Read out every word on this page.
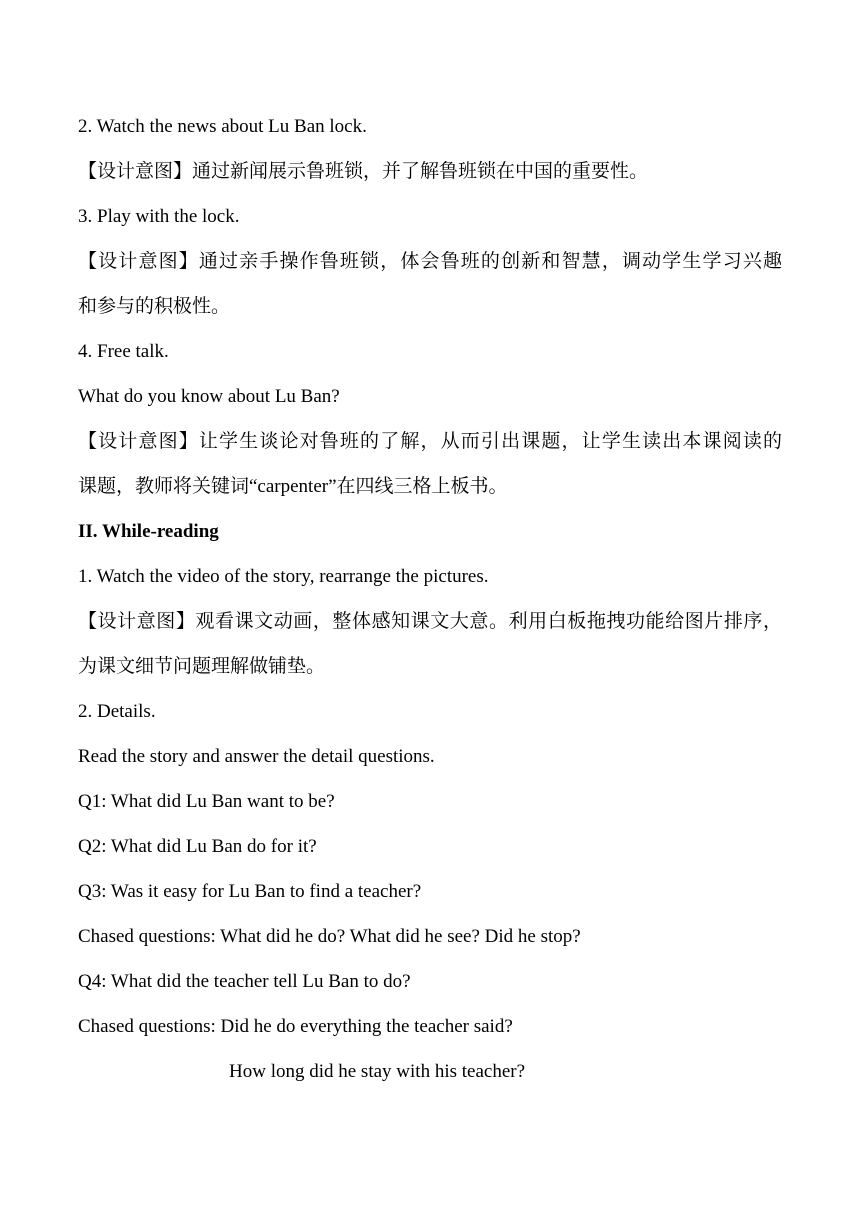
2. Watch the news about Lu Ban lock.
【设计意图】通过新闻展示鲁班锁，并了解鲁班锁在中国的重要性。
3. Play with the lock.
【设计意图】通过亲手操作鲁班锁，体会鲁班的创新和智慧，调动学生学习兴趣
和参与的积极性。
4. Free talk.
What do you know about Lu Ban?
【设计意图】让学生谈论对鲁班的了解，从而引出课题，让学生读出本课阅读的
课题，教师将关键词“carpenter”在四线三格上板书。
II. While-reading
1. Watch the video of the story, rearrange the pictures.
【设计意图】观看课文动画，整体感知课文大意。利用白板拖拽功能给图片排序，
为课文细节问题理解做铺垫。
2. Details.
Read the story and answer the detail questions.
Q1: What did Lu Ban want to be?
Q2: What did Lu Ban do for it?
Q3: Was it easy for Lu Ban to find a teacher?
Chased questions: What did he do? What did he see? Did he stop?
Q4: What did the teacher tell Lu Ban to do?
Chased questions: Did he do everything the teacher said?
How long did he stay with his teacher?
